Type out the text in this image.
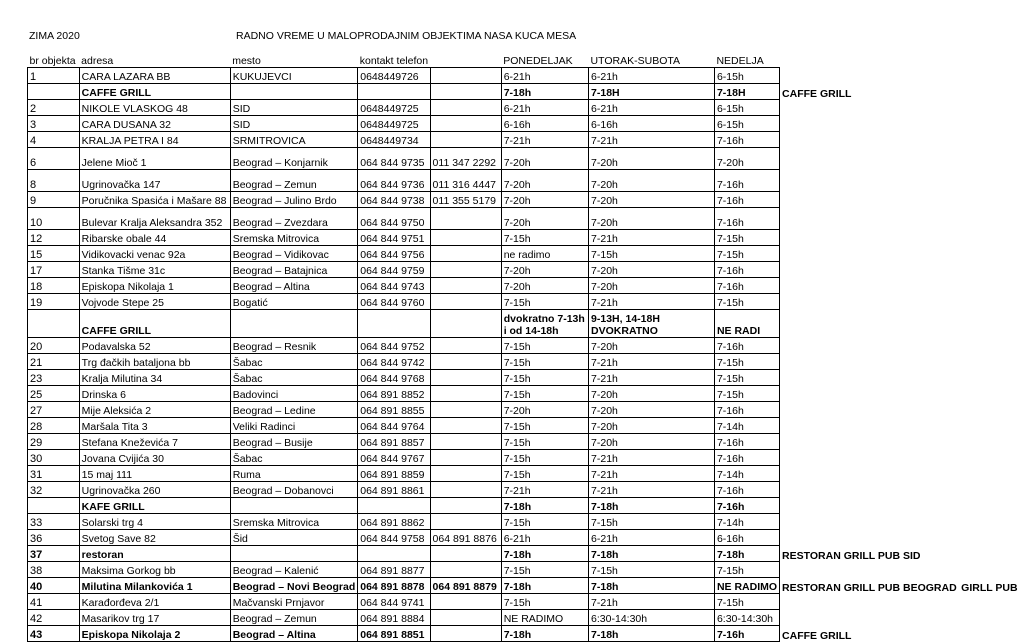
ZIMA 2020	RADNO VREME U MALOPRODAJNIM OBJEKTIMA NASA KUCA MESA
br objekta	adresa	mesto	kontakt telefon		PONEDELJAK	UTORAK-SUBOTA	NEDELJA		
1	CARA LAZARA BB	KUKUJEVCI	0648449726		6-21h	6-21h	6-15h		
	CAFFE GRILL				7-18h	7-18H	7-18H	CAFFE GRILL	
2	NIKOLE VLASKOG 48	SID	0648449725		6-21h	6-21h	6-15h		
3	CARA DUSANA 32	SID	0648449725		6-16h	6-16h	6-15h		
4	KRALJA PETRA I 84	SRMITROVICA	0648449734		7-21h	7-21h	7-16h		
6	Jelene Mioč 1	Beograd – Konjarnik	064 844 9735	011 347 2292	7-20h	7-20h	7-20h		
8	Ugrinovačka 147	Beograd – Zemun	064 844 9736	011 316 4447	7-20h	7-20h	7-16h		
9	Poručnika Spasića i Mašare 88	Beograd – Julino Brdo	064 844 9738	011 355 5179	7-20h	7-20h	7-16h		
10	Bulevar Kralja Aleksandra 352	Beograd – Zvezdara	064 844 9750		7-20h	7-20h	7-16h		
12	Ribarske obale 44	Sremska Mitrovica	064 844 9751		7-15h	7-21h	7-15h		
15	Vidikovacki venac 92a	Beograd – Vidikovac	064 844 9756		ne radimo	7-15h	7-15h		
17	Stanka Tišme 31c	Beograd – Batajnica	064 844 9759		7-20h	7-20h	7-16h		
18	Episkopa Nikolaja 1	Beograd – Altina	064 844 9743		7-20h	7-20h	7-16h		
19	Vojvode Stepe 25	Bogatić	064 844 9760		7-15h	7-21h	7-15h		
	CAFFE GRILL				dvokratno 7-13h i od 14-18h	9-13H, 14-18H DVOKRATNO	NE RADI		
20	Podavalska 52	Beograd – Resnik	064 844 9752		7-15h	7-20h	7-16h		
21	Trg đačkih bataljona bb	Šabac	064 844 9742		7-15h	7-21h	7-15h		
23	Kralja Milutina 34	Šabac	064 844 9768		7-15h	7-21h	7-15h		
25	Drinska 6	Badovinci	064 891 8852		7-15h	7-20h	7-15h		
27	Mije Aleksića 2	Beograd – Ledine	064 891 8855		7-20h	7-20h	7-16h		
28	Maršala Tita 3	Veliki Radinci	064 844 9764		7-15h	7-20h	7-14h		
29	Stefana Kneževića 7	Beograd – Busije	064 891 8857		7-15h	7-20h	7-16h		
30	Jovana Cvijića 30	Šabac	064 844 9767		7-15h	7-21h	7-16h		
31	15 maj 111	Ruma	064 891 8859		7-15h	7-21h	7-14h		
32	Ugrinovačka 260	Beograd – Dobanovci	064 891 8861		7-21h	7-21h	7-16h		
	KAFE GRILL				7-18h	7-18h	7-16h		
33	Solarski trg 4	Sremska Mitrovica	064 891 8862		7-15h	7-15h	7-14h		
36	Svetog Save 82	Šid	064 844 9758	064 891 8876	6-21h	6-21h	6-16h		
37	restoran				7-18h	7-18h	7-18h	RESTORAN GRILL PUB SID	
38	Maksima Gorkog bb	Beograd – Kalenić	064 891 8877		7-15h	7-15h	7-15h		
40	Milutina Milankovića 1	Beograd – Novi Beograd	064 891 8878	064 891 8879	7-18h	7-18h	NE RADIMO	RESTORAN GRILL PUB BEOGRAD	GIRLL PUB
41	Karađorđeva 2/1	Mačvanski Prnjavor	064 844 9741		7-15h	7-21h	7-15h		
42	Masarikov trg 17	Beograd – Zemun	064 891 8884		NE RADIMO	6:30-14:30h	6:30-14:30h		
43	Episkopa Nikolaja 2	Beograd – Altina	064 891 8851		7-18h	7-18h	7-16h	CAFFE GRILL	
